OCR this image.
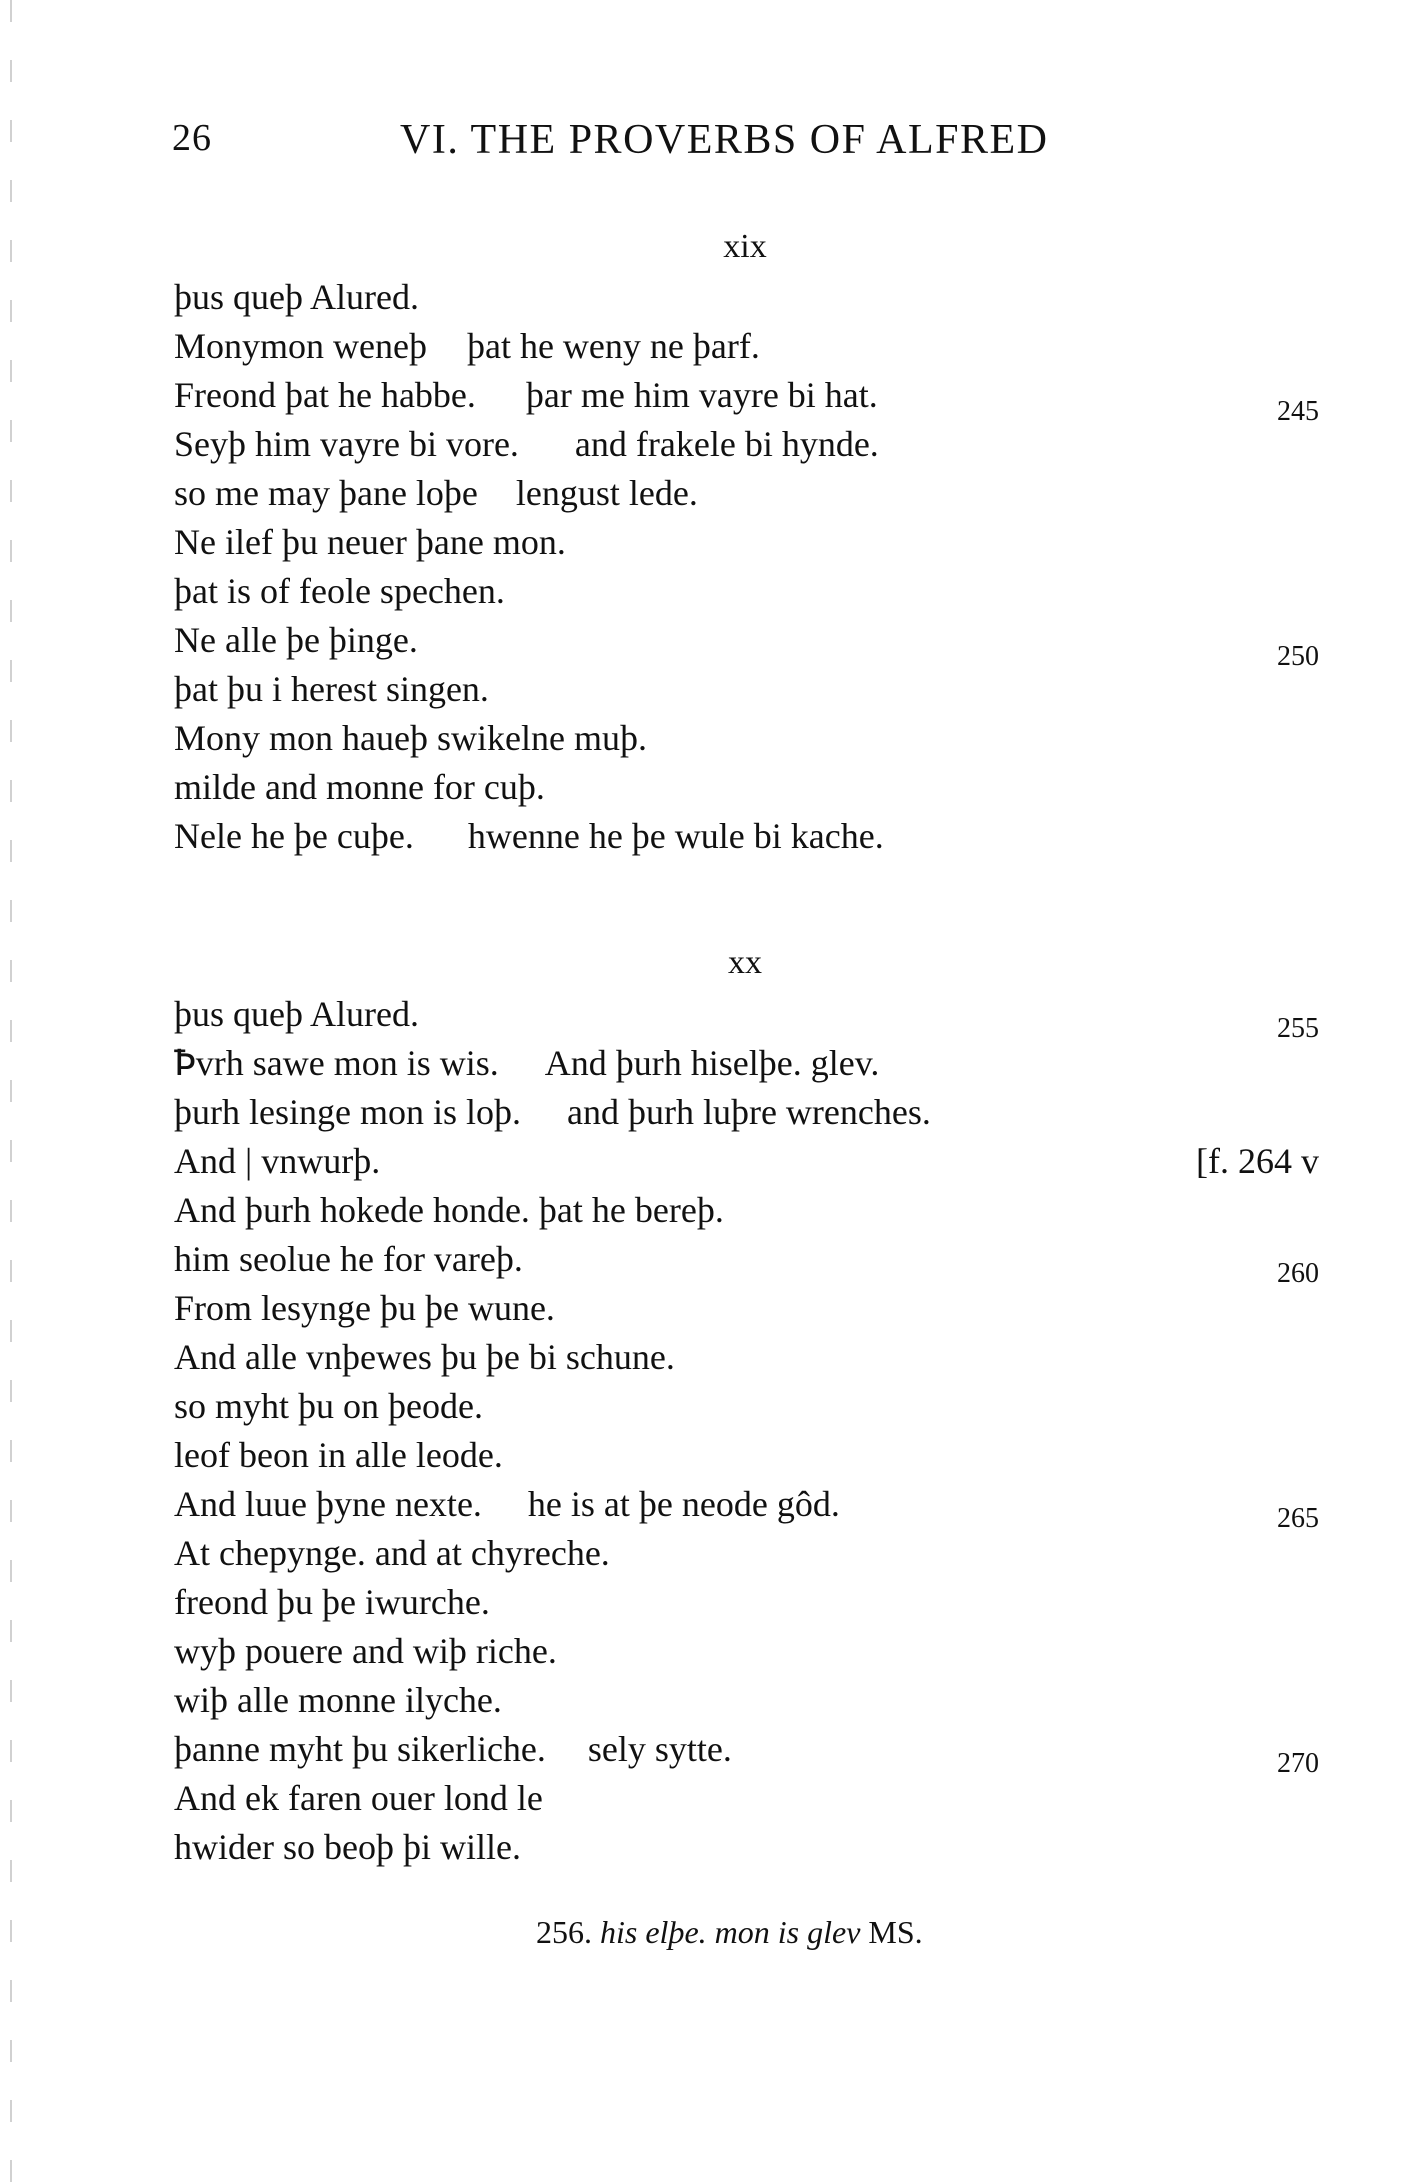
26	VI. THE PROVERBS OF ALFRED
xix
þus queþ Alured.
Monymon weneþ þat he weny ne þarf.
Freond þat he habbe. þar me him vayre bi hat.
Seyþ him vayre bi vore. and frakele bi hynde.
so me may þane loþe lengust lede.
Ne ilef þu neuer þane mon.
þat is of feole spechen.
Ne alle þe þinge.
þat þu i herest singen.
Mony mon haueþ swikelne muþ.
milde and monne for cuþ.
Nele he þe cuþe. hwenne he þe wule bi kache.
245
250
xx
þus queþ Alured.
Ꝥvrh sawe mon is wis. And þurh hiselþe. glev.
þurh lesinge mon is loþ. and þurh luþre wrenches.
And | vnwurþ.
And þurh hokede honde. þat he bereþ.
him seolue he for vareþ.
From lesynge þu þe wune.
And alle vnþewes þu þe bi schune.
so myht þu on þeode.
leof beon in alle leode.
And luue þyne nexte. he is at þe neode gôd.
At chepynge. and at chyreche.
freond þu þe iwurche.
wyþ pouere and wiþ riche.
wiþ alle monne ilyche.
þanne myht þu sikerliche. sely sytte.
And ek faren ouer lond le
hwider so beoþ þi wille.
255
[f. 264 v
260
265
270
256. his elþe. mon is glev MS.
